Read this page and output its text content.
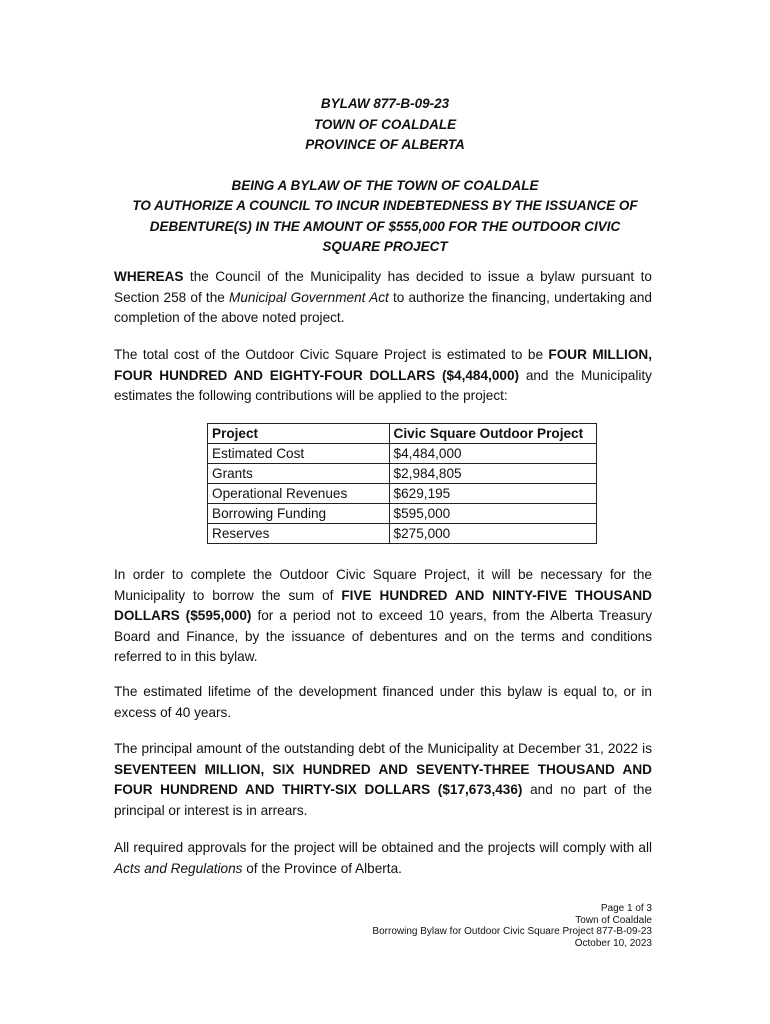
BYLAW 877-B-09-23
TOWN OF COALDALE
PROVINCE OF ALBERTA
BEING A BYLAW OF THE TOWN OF COALDALE
TO AUTHORIZE A COUNCIL TO INCUR INDEBTEDNESS BY THE ISSUANCE OF
DEBENTURE(S) IN THE AMOUNT OF $555,000 FOR THE OUTDOOR CIVIC
SQUARE PROJECT
WHEREAS the Council of the Municipality has decided to issue a bylaw pursuant to Section 258 of the Municipal Government Act to authorize the financing, undertaking and completion of the above noted project.
The total cost of the Outdoor Civic Square Project is estimated to be FOUR MILLION, FOUR HUNDRED AND EIGHTY-FOUR DOLLARS ($4,484,000) and the Municipality estimates the following contributions will be applied to the project:
Project	Civic Square Outdoor Project
Estimated Cost	$4,484,000
Grants	$2,984,805
Operational Revenues	$629,195
Borrowing Funding	$595,000
Reserves	$275,000
In order to complete the Outdoor Civic Square Project, it will be necessary for the Municipality to borrow the sum of FIVE HUNDRED AND NINTY-FIVE THOUSAND DOLLARS ($595,000) for a period not to exceed 10 years, from the Alberta Treasury Board and Finance, by the issuance of debentures and on the terms and conditions referred to in this bylaw.
The estimated lifetime of the development financed under this bylaw is equal to, or in excess of 40 years.
The principal amount of the outstanding debt of the Municipality at December 31, 2022 is SEVENTEEN MILLION, SIX HUNDRED AND SEVENTY-THREE THOUSAND AND FOUR HUNDREND AND THIRTY-SIX DOLLARS ($17,673,436) and no part of the principal or interest is in arrears.
All required approvals for the project will be obtained and the projects will comply with all Acts and Regulations of the Province of Alberta.
Page 1 of 3
Town of Coaldale
Borrowing Bylaw for Outdoor Civic Square Project 877-B-09-23
October 10, 2023
